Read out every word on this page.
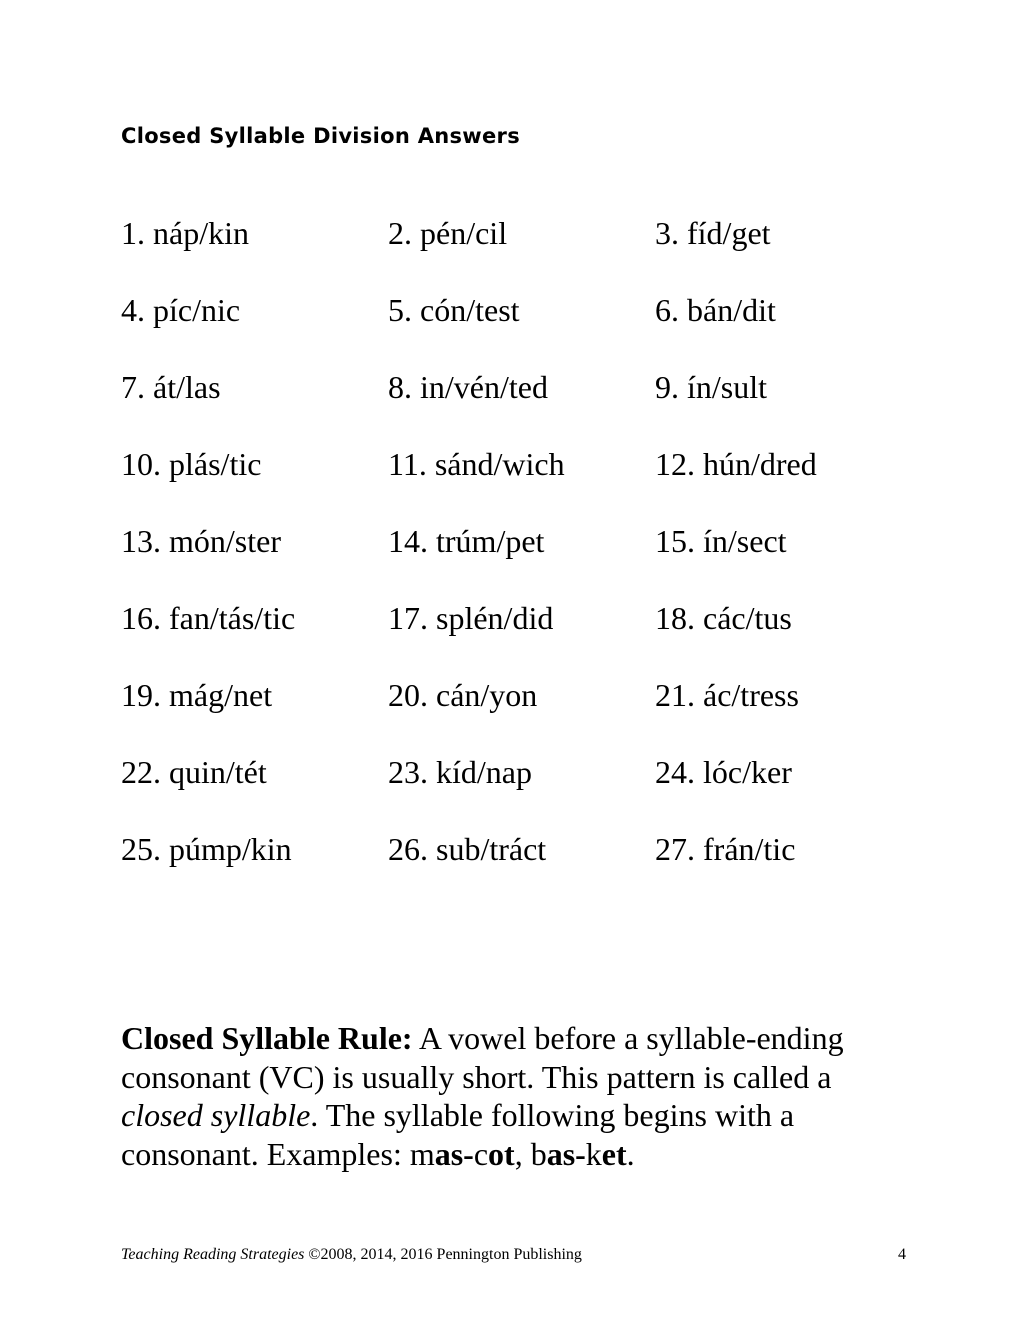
Closed Syllable Division Answers
1. náp/kin	2. pén/cil	3. fíd/get
4. píc/nic	5. cón/test	6. bán/dit
7. át/las	8. in/vén/ted	9. ín/sult
10. plás/tic	11. sánd/wich	12. hún/dred
13. món/ster	14. trúm/pet	15. ín/sect
16. fan/tás/tic	17. splén/did	18. các/tus
19. mág/net	20. cán/yon	21. ác/tress
22. quin/tét	23. kíd/nap	24. lóc/ker
25. púmp/kin	26. sub/tráct	27. frán/tic
Closed Syllable Rule: A vowel before a syllable-ending consonant (VC) is usually short. This pattern is called a closed syllable. The syllable following begins with a consonant. Examples: mas-cot, bas-ket.
Teaching Reading Strategies ©2008, 2014, 2016 Pennington Publishing	4
